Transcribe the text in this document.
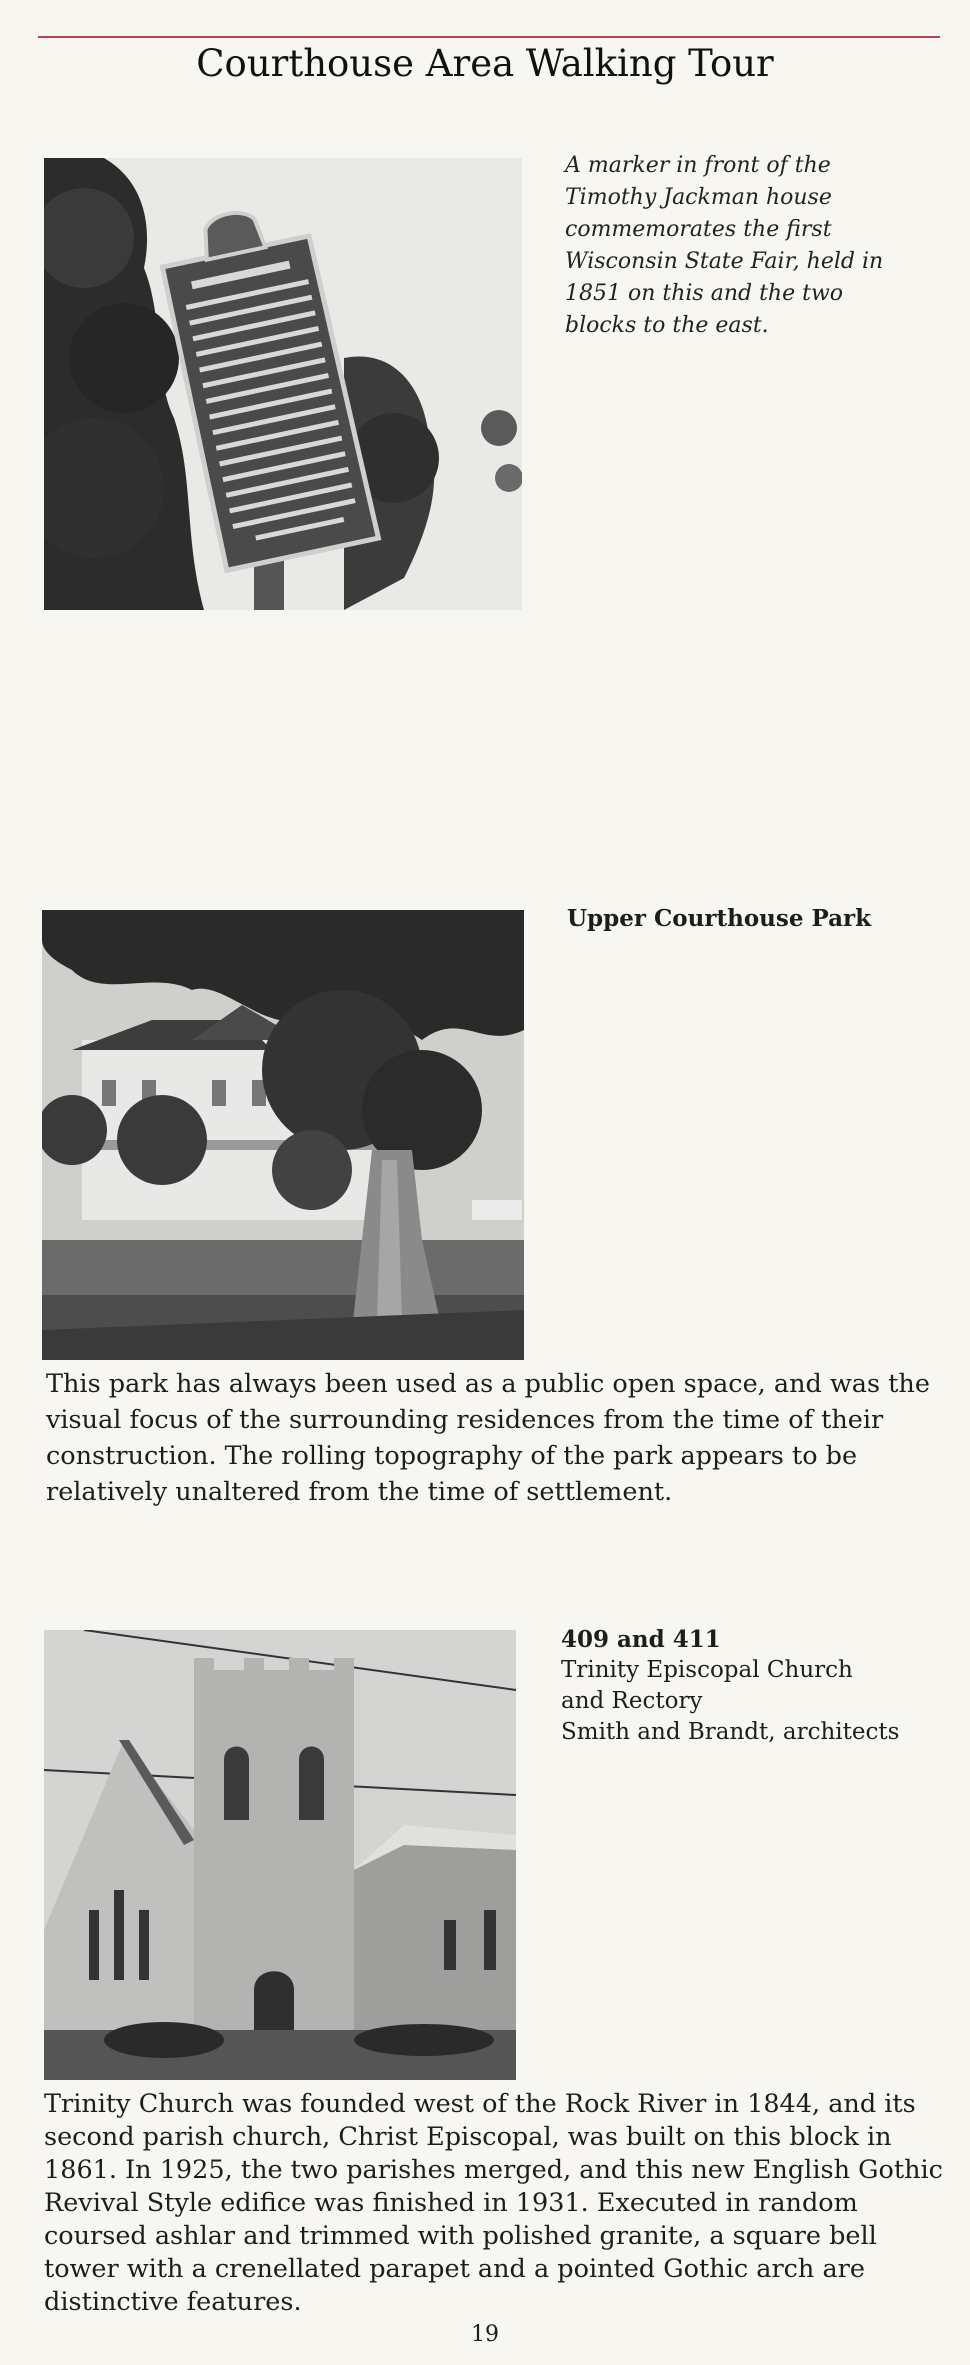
Courthouse Area Walking Tour
A marker in front of the Timothy Jackman house commemorates the first Wisconsin State Fair, held in 1851 on this and the two blocks to the east.
Upper Courthouse Park
This park has always been used as a public open space, and was the visual focus of the surrounding residences from the time of their construction. The rolling topography of the park appears to be relatively unaltered from the time of settlement.
409 and 411
Trinity Episcopal Church
and Rectory
Smith and Brandt, architects
Trinity Church was founded west of the Rock River in 1844, and its second parish church, Christ Episcopal, was built on this block in 1861. In 1925, the two parishes merged, and this new English Gothic Revival Style edifice was finished in 1931. Executed in random coursed ashlar and trimmed with polished granite, a square bell tower with a crenellated parapet and a pointed Gothic arch are distinctive features.
19
